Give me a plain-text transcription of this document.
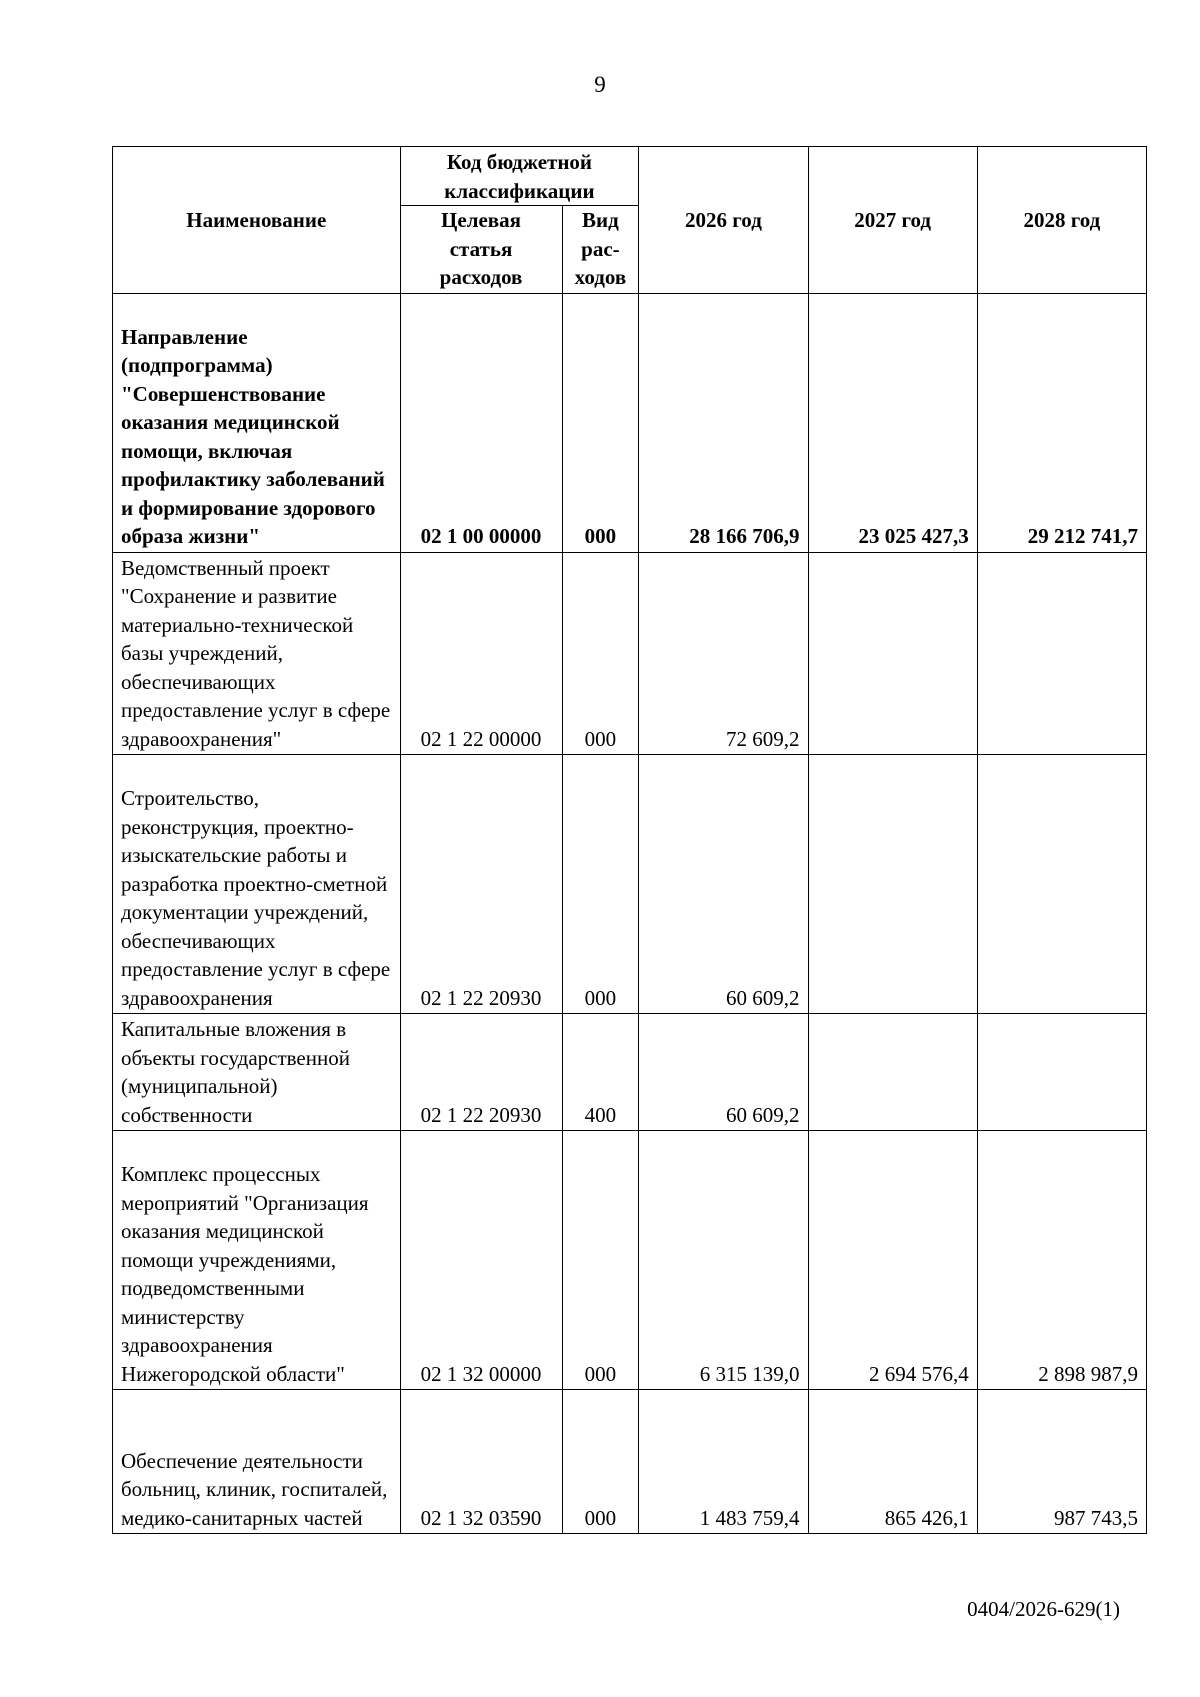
9
Наименование	Код бюджетной классификации		2026 год	2027 год	2028 год
	Целевая статья расходов	Вид рас- ходов			
Направление (подпрограмма) "Совершенствование оказания медицинской помощи, включая профилактику заболеваний и формирование здорового образа жизни"	02 1 00 00000	000	28 166 706,9	23 025 427,3	29 212 741,7
Ведомственный проект "Сохранение и развитие материально-технической базы учреждений, обеспечивающих предоставление услуг в сфере здравоохранения"	02 1 22 00000	000	72 609,2		
Строительство, реконструкция, проектно-изыскательские работы и разработка проектно-сметной документации учреждений, обеспечивающих предоставление услуг в сфере здравоохранения	02 1 22 20930	000	60 609,2		
Капитальные вложения в объекты государственной (муниципальной) собственности	02 1 22 20930	400	60 609,2		
Комплекс процессных мероприятий "Организация оказания медицинской помощи учреждениями, подведомственными министерству здравоохранения Нижегородской области"	02 1 32 00000	000	6 315 139,0	2 694 576,4	2 898 987,9
Обеспечение деятельности больниц, клиник, госпиталей, медико-санитарных частей	02 1 32 03590	000	1 483 759,4	865 426,1	987 743,5
0404/2026-629(1)
